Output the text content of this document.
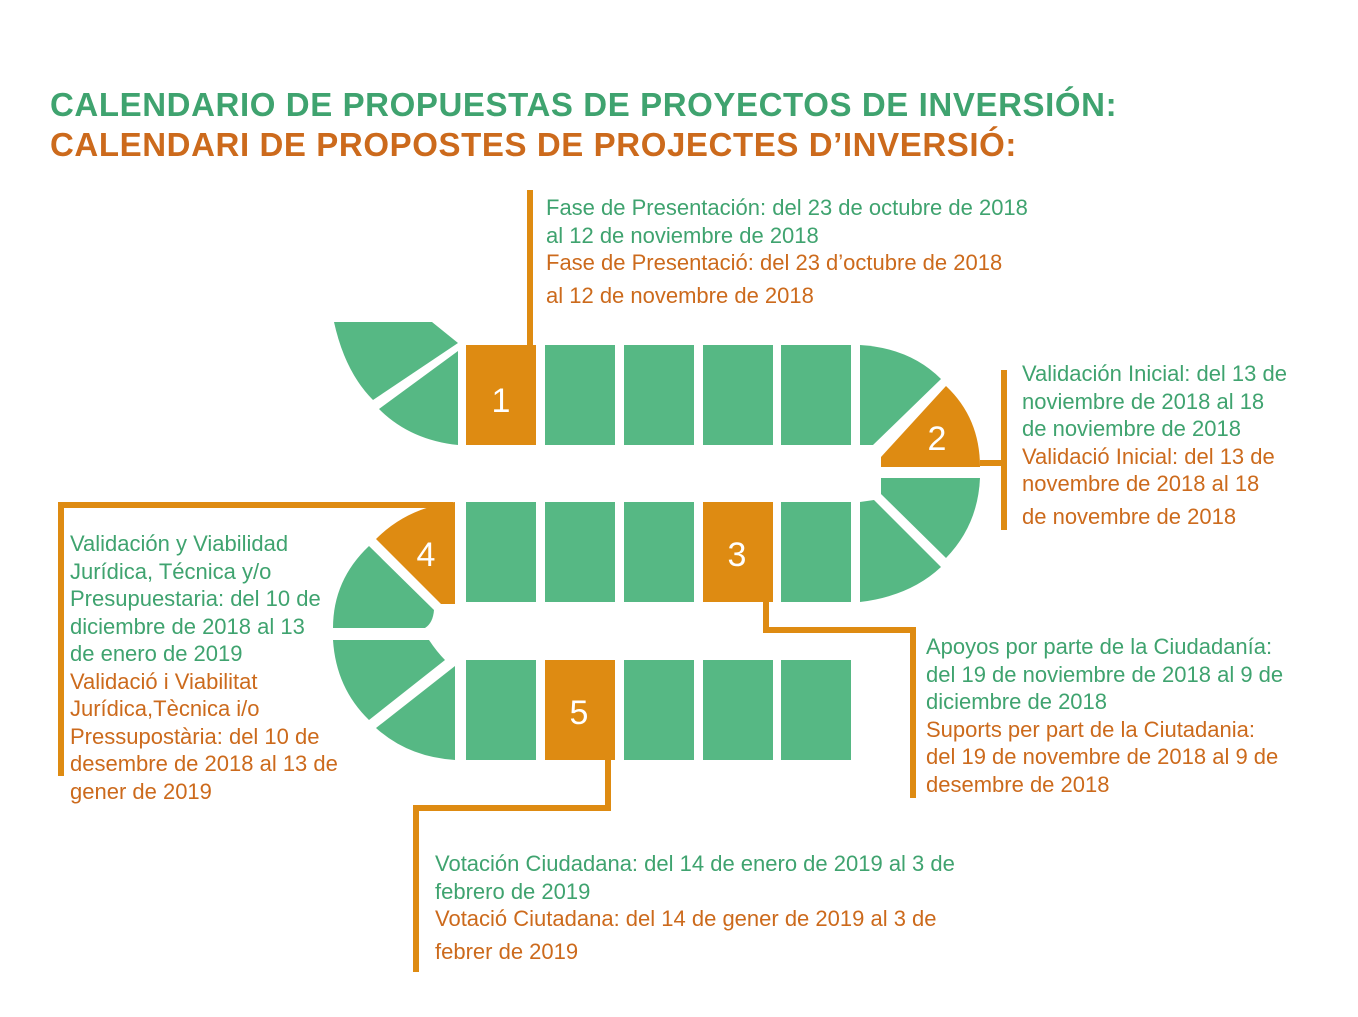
CALENDARIO DE PROPUESTAS DE PROYECTOS DE INVERSIÓN:
CALENDARI DE PROPOSTES DE PROJECTES D’INVERSIÓ:
1
2
3
4
5
Fase de Presentación: del 23 de octubre de 2018
al 12 de noviembre de 2018
Fase de Presentació: del 23 d’octubre de 2018
al 12 de novembre de 2018
Validación Inicial: del 13 de
noviembre de 2018 al 18
de noviembre de 2018
Validació Inicial: del 13 de
novembre de 2018 al 18
de novembre de 2018
Apoyos por parte de la Ciudadanía:
del 19 de noviembre de 2018 al 9 de
diciembre de 2018
Suports per part de la Ciutadania:
del 19 de novembre de 2018 al 9 de
desembre de 2018
Validación y Viabilidad
Jurídica, Técnica y/o
Presupuestaria: del 10 de
diciembre de 2018 al 13
de enero de 2019
Validació i Viabilitat
Jurídica,Tècnica i/o
Pressupostària: del 10 de
desembre de 2018 al 13 de
gener de 2019
Votación Ciudadana: del 14 de enero de 2019 al 3 de
febrero de 2019
Votació Ciutadana: del 14 de gener de 2019 al 3 de
febrer de 2019
